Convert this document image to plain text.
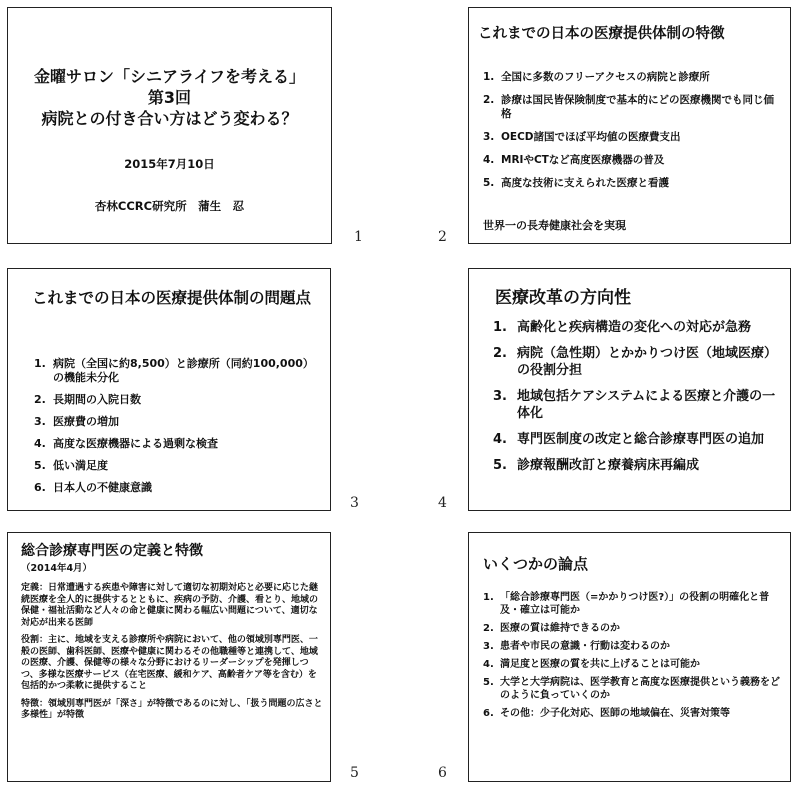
金曜サロン「シニアライフを考える」
第3回
病院との付き合い方はどう変わる？
2015年7月10日
杏林CCRC研究所　蒲生　忍
1
これまでの日本の医療提供体制の特徴
1. 全国に多数のフリーアクセスの病院と診療所
2. 診療は国民皆保険制度で基本的にどの医療機関でも同じ価格
3. OECD諸国でほぼ平均値の医療費支出
4. MRIやCTなど高度医療機器の普及
5. 高度な技術に支えられた医療と看護
世界一の長寿健康社会を実現
2
これまでの日本の医療提供体制の問題点
1. 病院（全国に約8,500）と診療所（同約100,000）の機能未分化
2. 長期間の入院日数
3. 医療費の増加
4. 高度な医療機器による過剰な検査
5. 低い満足度
6. 日本人の不健康意識
3
医療改革の方向性
1. 高齢化と疾病構造の変化への対応が急務
2. 病院（急性期）とかかりつけ医（地域医療）の役割分担
3. 地域包括ケアシステムによる医療と介護の一体化
4. 専門医制度の改定と総合診療専門医の追加
5. 診療報酬改訂と療養病床再編成
4
総合診療専門医の定義と特徴
（2014年4月）

定義：日常遭遇する疾患や障害に対して適切な初期対応と必要に応じた継続医療を全人的に提供するとともに、疾病の予防、介護、看とり、地域の保健・福祉活動など人々の命と健康に関わる幅広い問題について、適切な対応が出来る医師

役割：主に、地域を支える診療所や病院において、他の領域別専門医、一般の医師、歯科医師、医療や健康に関わるその他職種等と連携して、地域の医療、介護、保健等の様々な分野におけるリーダーシップを発揮しつつ、多様な医療サービス（在宅医療、緩和ケア、高齢者ケア等を含む）を包括的かつ柔軟に提供すること

特徴：領域別専門医が「深さ」が特徴であるのに対し、「扱う問題の広さと多様性」が特徴

5
いくつかの論点
1. 「総合診療専門医（=かかりつけ医?）」の役割の明確化と普及・確立は可能か
2. 医療の質は維持できるのか
3. 患者や市民の意識・行動は変わるのか
4. 満足度と医療の質を共に上げることは可能か
5. 大学と大学病院は、医学教育と高度な医療提供という義務をどのように負っていくのか
6. その他：少子化対応、医師の地域偏在、災害対策等
6
